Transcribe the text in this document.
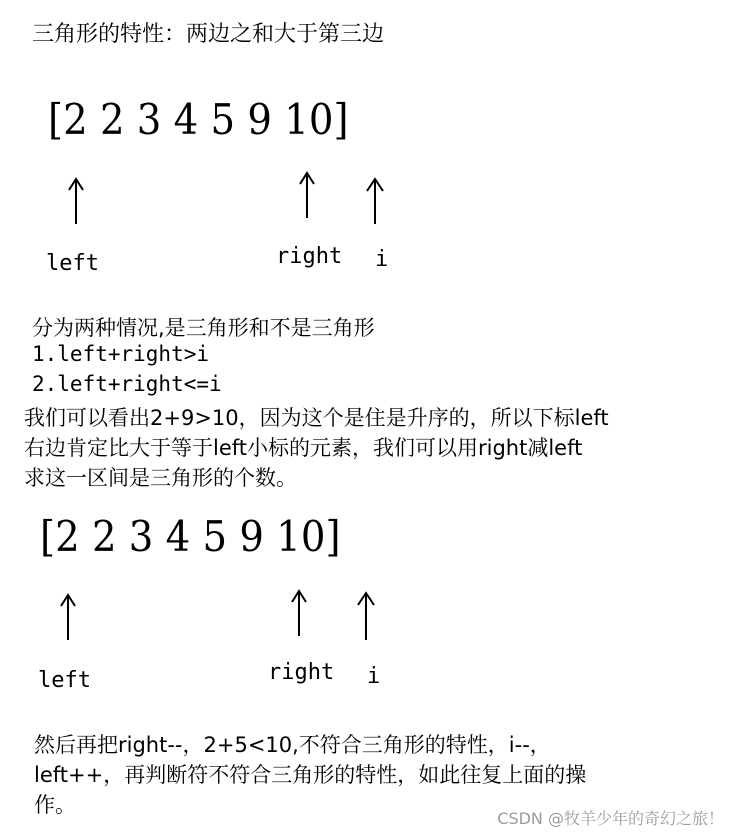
三角形的特性：两边之和大于第三边
[2 2 3 4 5 9 10]
left	right i
分为两种情况,是三角形和不是三角形
1.left+right>i
2.left+right<=i
我们可以看出2+9>10，因为这个是住是升序的，所以下标left
右边肯定比大于等于left小标的元素，我们可以用right减left
求这一区间是三角形的个数。
[2 2 3 4 5 9 10]
left	right i
然后再把right--，2+5<10,不符合三角形的特性，i--，
left++，再判断符不符合三角形的特性，如此往复上面的操
作。
CSDN @牧羊少年的奇幻之旅！
